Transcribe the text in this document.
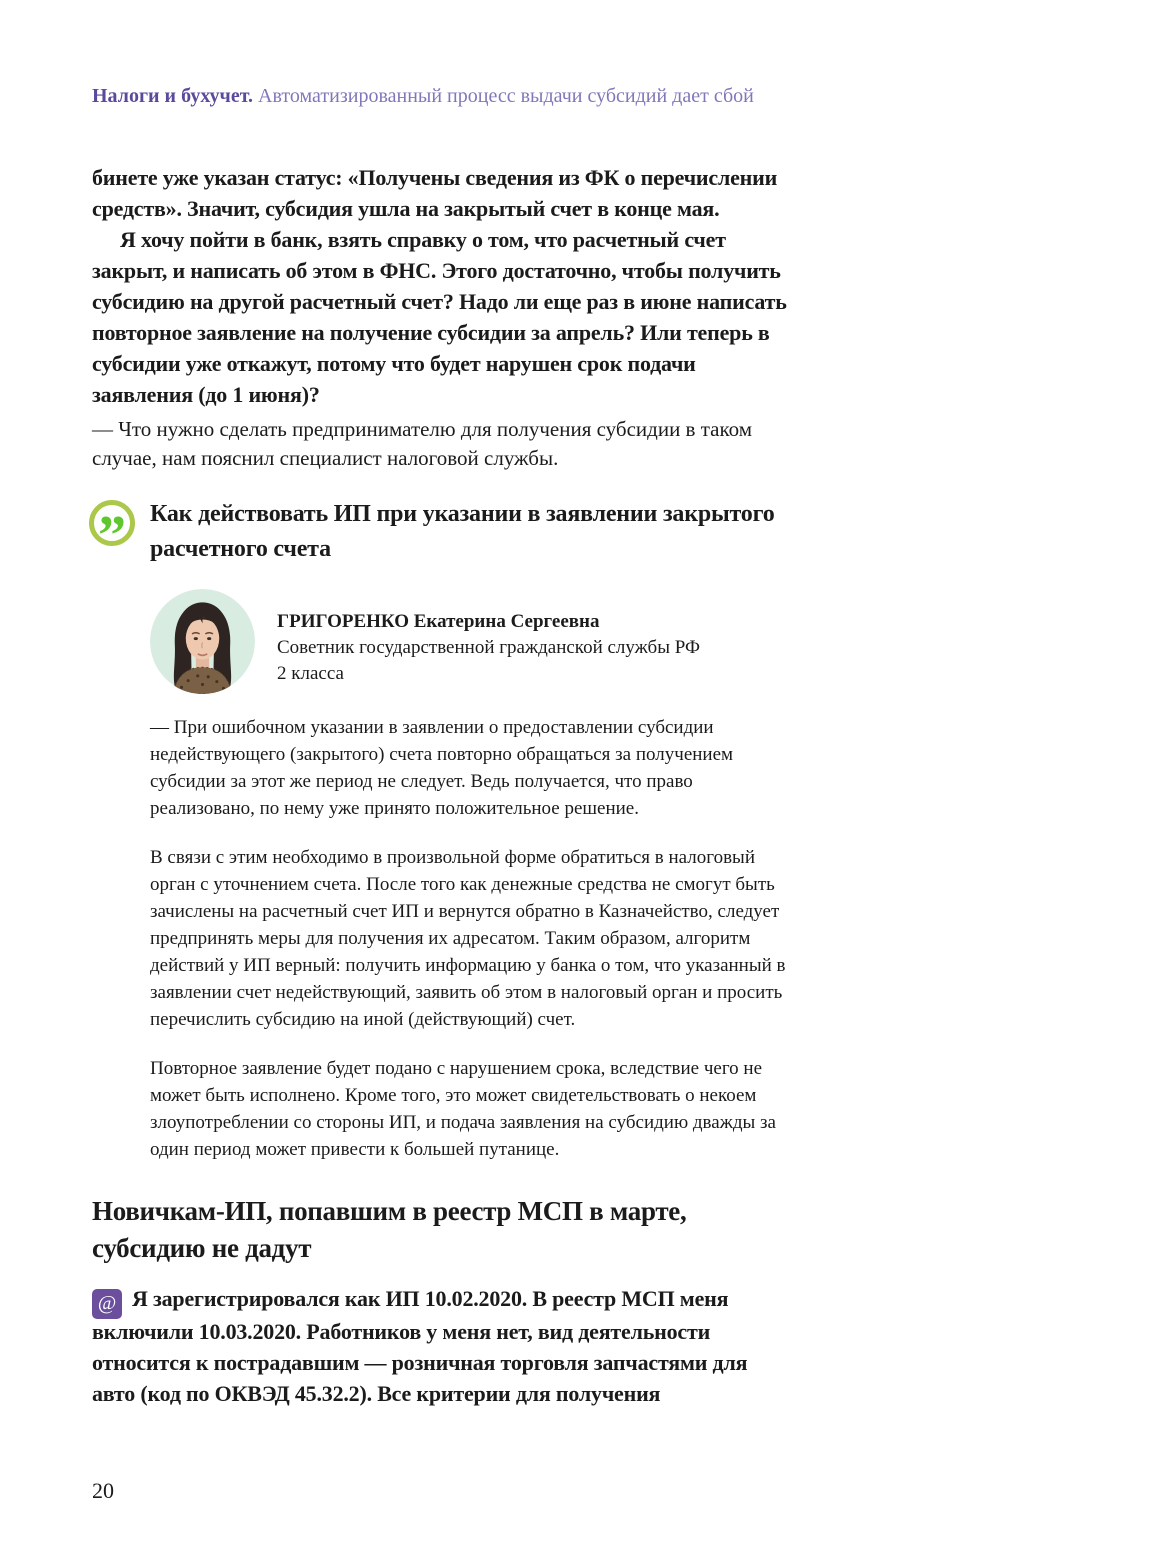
Налоги и бухучет. Автоматизированный процесс выдачи субсидий дает сбой

бинете уже указан статус: «Получены сведения из ФК о перечислении средств». Значит, субсидия ушла на закрытый счет в конце мая.

Я хочу пойти в банк, взять справку о том, что расчетный счет закрыт, и написать об этом в ФНС. Этого достаточно, чтобы получить субсидию на другой расчетный счет? Надо ли еще раз в июне написать повторное заявление на получение субсидии за апрель? Или теперь в субсидии уже откажут, потому что будет нарушен срок подачи заявления (до 1 июня)?

— Что нужно сделать предпринимателю для получения субсидии в таком случае, нам пояснил специалист налоговой службы.

” Как действовать ИП при указании в заявлении закрытого расчетного счета
ГРИГОРЕНКО Екатерина Сергеевна
Советник государственной гражданской службы РФ
2 класса

— При ошибочном указании в заявлении о предоставлении субсидии недействующего (закрытого) счета повторно обращаться за получением субсидии за этот же период не следует. Ведь получается, что право реализовано, по нему уже принято положительное решение.

В связи с этим необходимо в произвольной форме обратиться в налоговый орган с уточнением счета. После того как денежные средства не смогут быть зачислены на расчетный счет ИП и вернутся обратно в Казначейство, следует предпринять меры для получения их адресатом. Таким образом, алгоритм действий у ИП верный: получить информацию у банка о том, что указанный в заявлении счет недействующий, заявить об этом в налоговый орган и просить перечислить субсидию на иной (действующий) счет.

Повторное заявление будет подано с нарушением срока, вследствие чего не может быть исполнено. Кроме того, это может свидетельствовать о некоем злоупотреблении со стороны ИП, и подача заявления на субсидию дважды за один период может привести к большей путанице.

Новичкам-ИП, попавшим в реестр МСП в марте, субсидию не дадут

@ Я зарегистрировался как ИП 10.02.2020. В реестр МСП меня включили 10.03.2020. Работников у меня нет, вид деятельности относится к пострадавшим — розничная торговля запчастями для авто (код по ОКВЭД 45.32.2). Все критерии для получения

20
